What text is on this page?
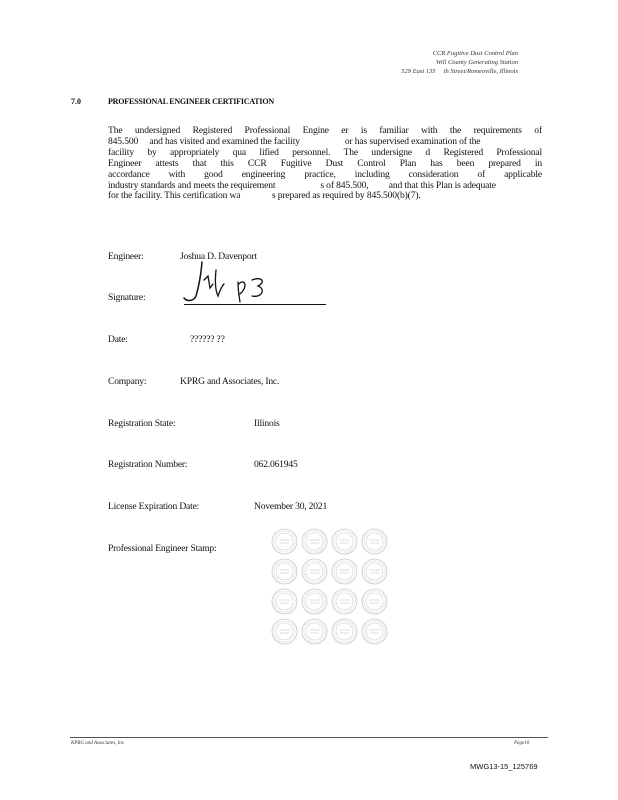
CCR Fugitive Dust Control Plan
Will County Generating Station
529 East 135     th Street/Romeoville, Illinois
7.0	PROFESSIONAL ENGINEER CERTIFICATION
The undersigned Registered Professional Engine er is familiar with the requirements of
845.500     and has visited and examined the facility                    or has supervised examination of the
facility by appropriately qua lified personnel. The undersigne d Registered Professional
Engineer attests that this CCR Fugitive Dust Control Plan has been prepared in
accordance with good engineering practice, including consideration of applicable
industry standards and meets the requirement                    s of 845.500,         and that this Plan is adequate
for the facility. This certification wa              s prepared as required by 845.500(b)(7).
Engineer:	Joshua D. Davenport
Signature:
Date:	?????? ??
Company:	KPRG and Associates, Inc.
Registration State:	Illinois
Registration Number:	062.061945
License Expiration Date:	November 30, 2021
Professional Engineer Stamp:
KPRG and Associates, Inc.	Page10
MWG13-15_125769
